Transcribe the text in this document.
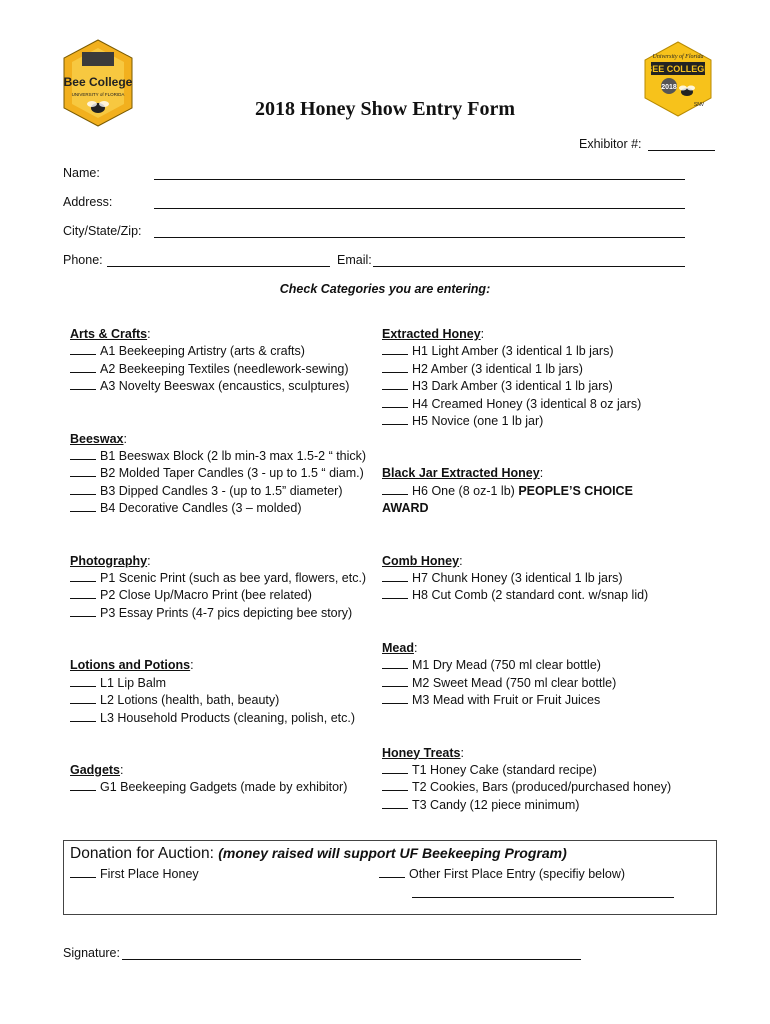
Bee College
UNIVERSITY of FLORIDA
University of Florida
BEE COLLEGE
2018
SNV
2018 Honey Show Entry Form
Exhibitor #:
Name:
Address:
City/State/Zip:
Phone:	Email:
Check Categories you are entering:
Arts & Crafts:
A1 Beekeeping Artistry (arts & crafts)
A2 Beekeeping Textiles (needlework-sewing)
A3 Novelty Beeswax (encaustics, sculptures)
Beeswax:
B1 Beeswax Block (2 lb min-3 max 1.5-2 “ thick)
B2 Molded Taper Candles (3 - up to 1.5 “ diam.)
B3 Dipped Candles 3 - (up to 1.5” diameter)
B4 Decorative Candles (3 – molded)
Photography:
P1 Scenic Print (such as bee yard, flowers, etc.)
P2 Close Up/Macro Print (bee related)
P3 Essay Prints (4-7 pics depicting bee story)
Lotions and Potions:
L1 Lip Balm
L2 Lotions (health, bath, beauty)
L3 Household Products (cleaning, polish, etc.)
Gadgets:
G1 Beekeeping Gadgets (made by exhibitor)
Extracted Honey:
H1 Light Amber (3 identical 1 lb jars)
H2 Amber (3 identical 1 lb jars)
H3 Dark Amber (3 identical 1 lb jars)
H4 Creamed Honey (3 identical 8 oz jars)
H5 Novice (one 1 lb jar)
Black Jar Extracted Honey:
H6 One (8 oz-1 lb) PEOPLE’S CHOICE AWARD
Comb Honey:
H7 Chunk Honey (3 identical 1 lb jars)
H8 Cut Comb (2 standard cont. w/snap lid)
Mead:
M1 Dry Mead (750 ml clear bottle)
M2 Sweet Mead (750 ml clear bottle)
M3 Mead with Fruit or Fruit Juices
Honey Treats:
T1 Honey Cake (standard recipe)
T2 Cookies, Bars (produced/purchased honey)
T3 Candy (12 piece minimum)
Donation for Auction: (money raised will support UF Beekeeping Program)
First Place Honey	Other First Place Entry (specifiy below)
Signature:
